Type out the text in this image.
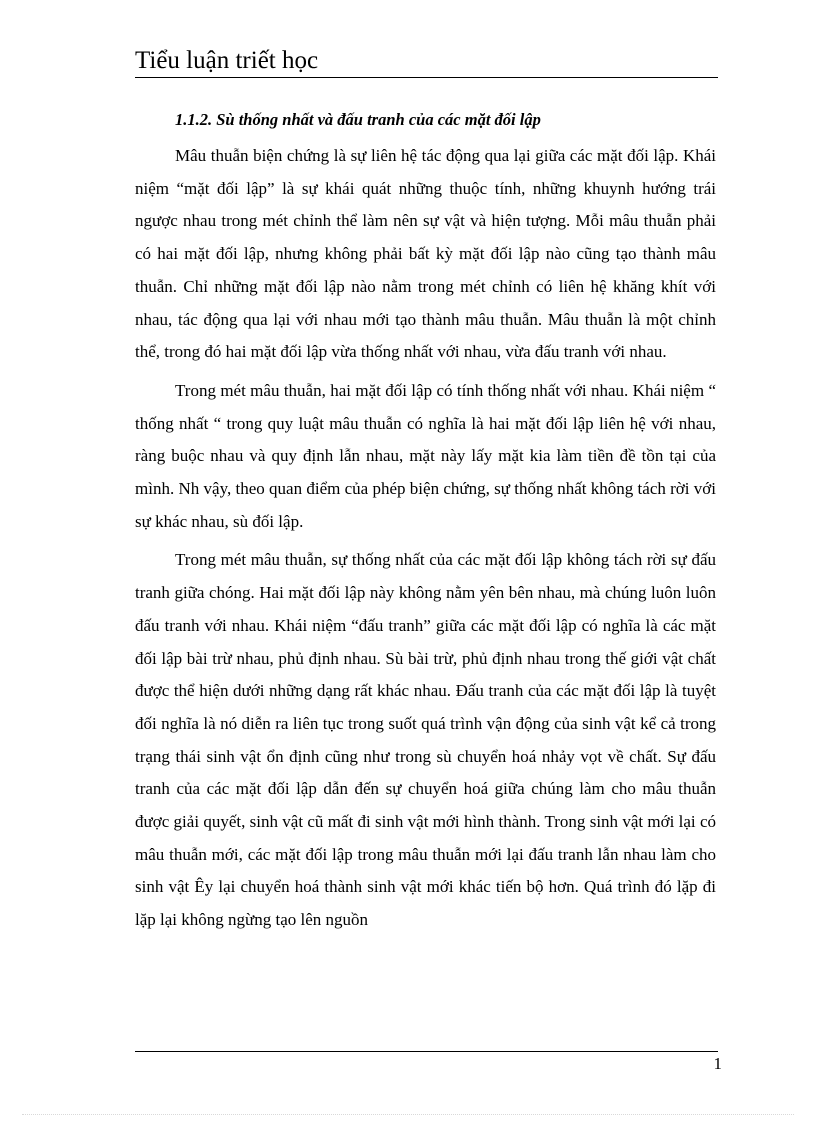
Tiểu luận triết học
1.1.2. Sù thống nhất và đấu tranh của các mặt đối lập

Mâu thuẫn biện chứng là sự liên hệ tác động qua lại giữa các mặt đối lập. Khái niệm “mặt đối lập” là sự khái quát những thuộc tính, những khuynh hướng trái ngược nhau trong mét chỉnh thể làm nên sự vật và hiện tượng. Mỗi mâu thuẫn phải có hai mặt đối lập, nhưng không phải bất kỳ mặt đối lập nào cũng tạo thành mâu thuẫn. Chỉ những mặt đối lập nào nằm trong mét chỉnh có liên hệ khăng khít với nhau, tác động qua lại với nhau mới tạo thành mâu thuẫn. Mâu thuẫn là một chỉnh thể, trong đó hai mặt đối lập vừa thống nhất với nhau, vừa đấu tranh với nhau.

Trong mét mâu thuẫn, hai mặt đối lập có tính thống nhất với nhau. Khái niệm “ thống nhất “ trong quy luật mâu thuẫn có nghĩa là hai mặt đối lập liên hệ với nhau, ràng buộc nhau và quy định lẫn nhau, mặt này lấy mặt kia làm tiền đề tồn tại của mình. Nh vậy, theo quan điểm của phép biện chứng, sự thống nhất không tách rời với sự khác nhau, sù đối lập.

Trong mét mâu thuẫn, sự thống nhất của các mặt đối lập không tách rời sự đấu tranh giữa chóng. Hai mặt đối lập này không nằm yên bên nhau, mà chúng luôn luôn đấu tranh với nhau. Khái niệm “đấu tranh” giữa các mặt đối lập có nghĩa là các mặt đối lập bài trừ nhau, phủ định nhau. Sù bài trừ, phủ định nhau trong thế giới vật chất được thể hiện dưới những dạng rất khác nhau. Đấu tranh của các mặt đối lập là tuyệt đối nghĩa là nó diễn ra liên tục trong suốt quá trình vận động của sinh vật kể cả trong trạng thái sinh vật ổn định cũng như trong sù chuyển hoá nhảy vọt về chất. Sự đấu tranh của các mặt đối lập dẫn đến sự chuyển hoá giữa chúng làm cho mâu thuẫn được giải quyết, sinh vật cũ mất đi sinh vật mới hình thành. Trong sinh vật mới lại có mâu thuẫn mới, các mặt đối lập trong mâu thuẫn mới lại đấu tranh lẫn nhau làm cho sinh vật Êy lại chuyển hoá thành sinh vật mới khác tiến bộ hơn. Quá trình đó lặp đi lặp lại không ngừng tạo lên nguồn

1
